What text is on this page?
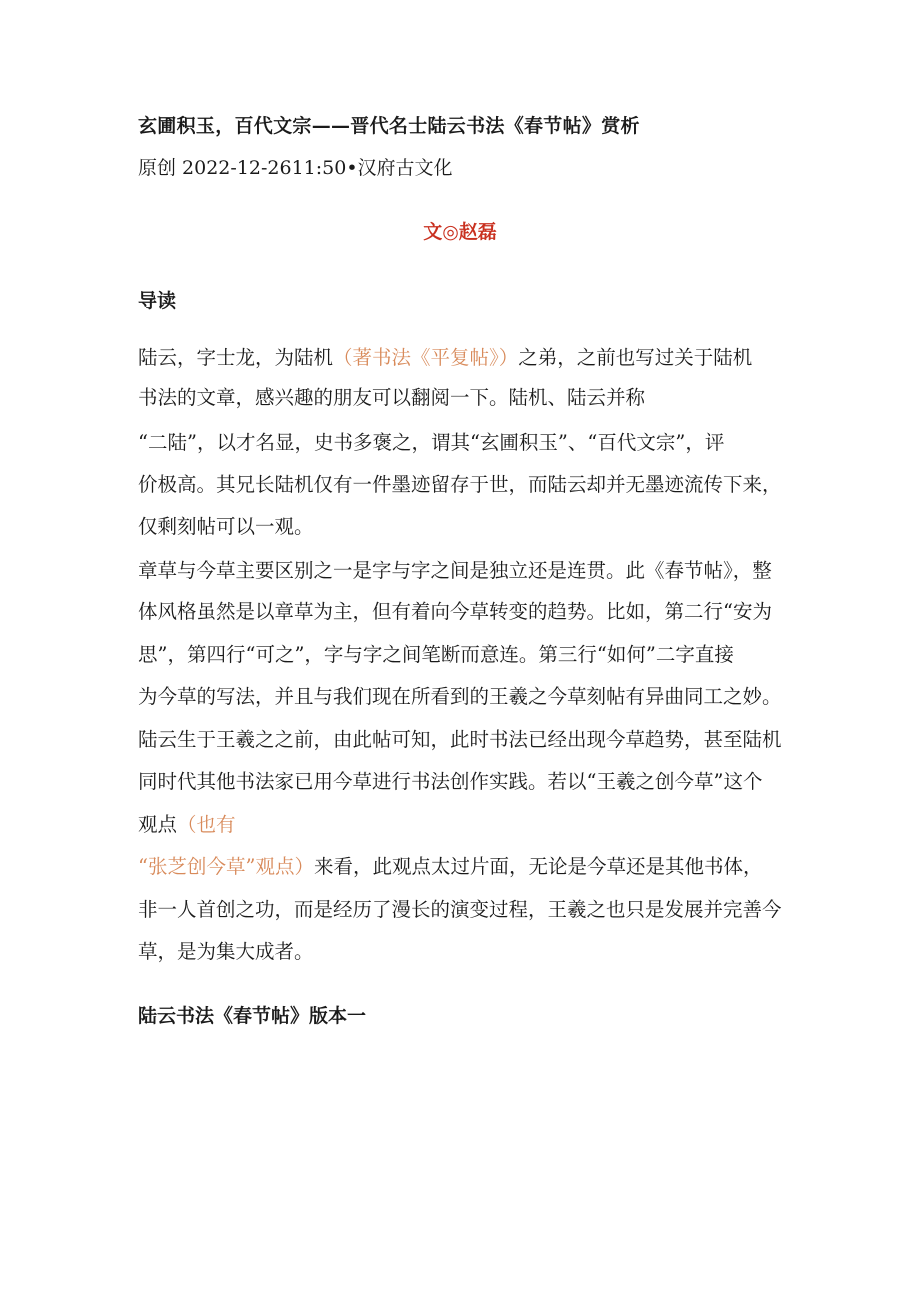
玄圃积玉，百代文宗——晋代名士陆云书法《春节帖》赏析
原创 2022-12-2611:50•汉府古文化
文◎赵磊
导读
陆云，字士龙，为陆机（著书法《平复帖》）之弟，之前也写过关于陆机
书法的文章，感兴趣的朋友可以翻阅一下。陆机、陆云并称
“二陆”，以才名显，史书多褒之，谓其“玄圃积玉”、“百代文宗”，评
价极高。其兄长陆机仅有一件墨迹留存于世，而陆云却并无墨迹流传下来，
仅剩刻帖可以一观。
章草与今草主要区别之一是字与字之间是独立还是连贯。此《春节帖》，整
体风格虽然是以章草为主，但有着向今草转变的趋势。比如，第二行“安为
思”，第四行“可之”，字与字之间笔断而意连。第三行“如何”二字直接
为今草的写法，并且与我们现在所看到的王羲之今草刻帖有异曲同工之妙。
陆云生于王羲之之前，由此帖可知，此时书法已经出现今草趋势，甚至陆机
同时代其他书法家已用今草进行书法创作实践。若以“王羲之创今草”这个
观点（也有
“张芝创今草”观点）来看，此观点太过片面，无论是今草还是其他书体，
非一人首创之功，而是经历了漫长的演变过程，王羲之也只是发展并完善今
草，是为集大成者。
陆云书法《春节帖》版本一
